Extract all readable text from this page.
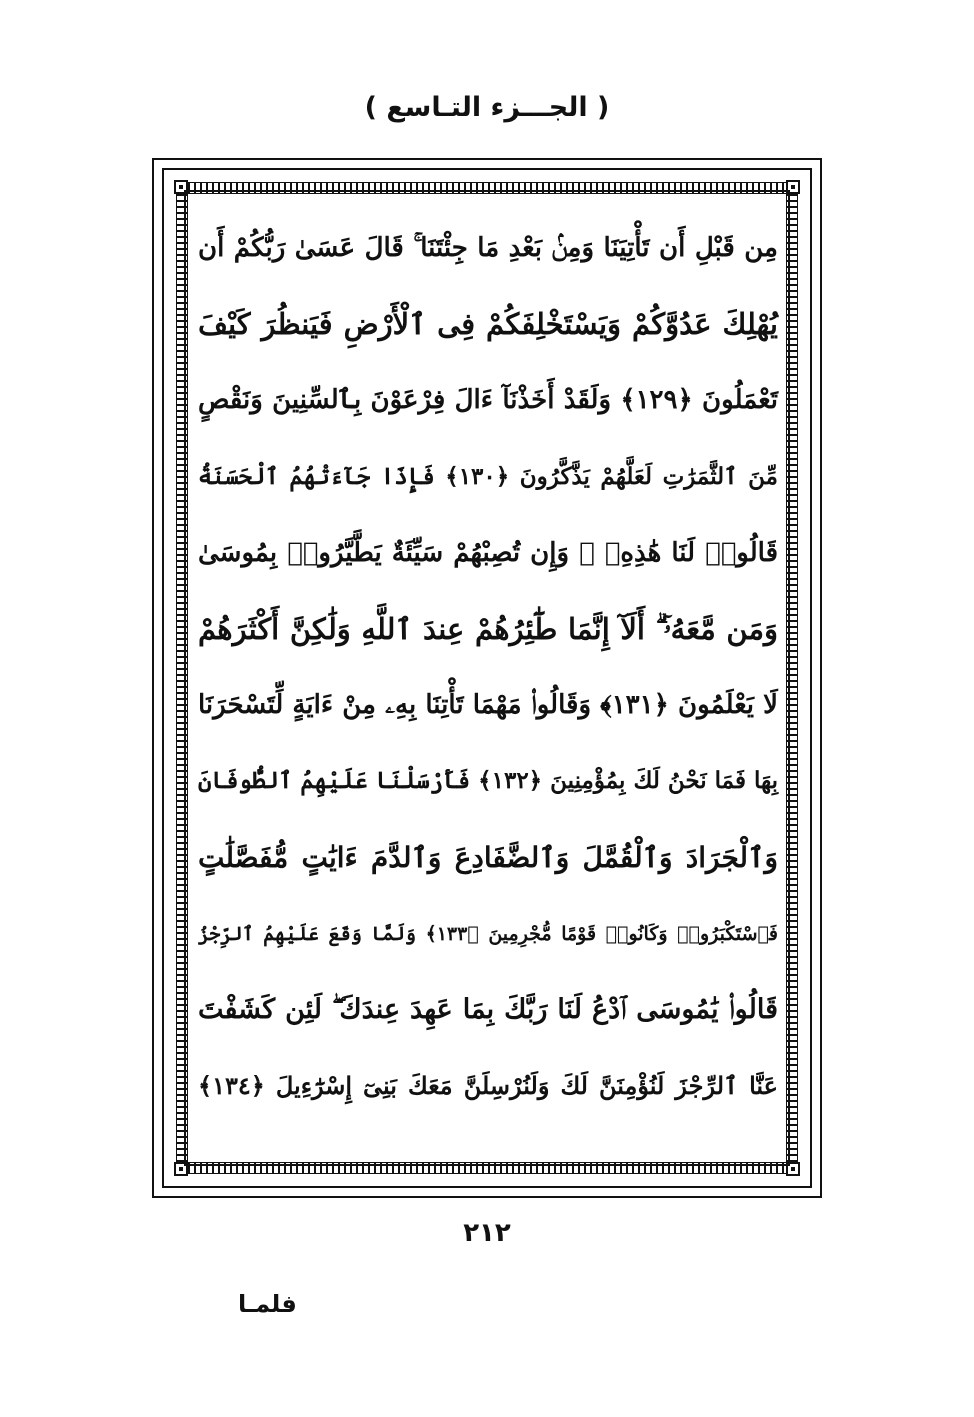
( الجـــزء التـاسع )
مِن قَبْلِ أَن تَأْتِيَنَا وَمِنۢ بَعْدِ مَا جِئْتَنَا ۚ قَالَ عَسَىٰ رَبُّكُمْ أَن
يُهْلِكَ عَدُوَّكُمْ وَيَسْتَخْلِفَكُمْ فِى ٱلْأَرْضِ فَيَنظُرَ كَيْفَ
تَعْمَلُونَ ﴿١٢٩﴾ وَلَقَدْ أَخَذْنَآ ءَالَ فِرْعَوْنَ بِٱلسِّنِينَ وَنَقْصٍ
مِّنَ ٱلثَّمَرَٰتِ لَعَلَّهُمْ يَذَّكَّرُونَ ﴿١٣٠﴾ فَإِذَا جَآءَتْهُمُ ٱلْحَسَنَةُ
قَالُوا۟ لَنَا هَٰذِهِۦ ۖ وَإِن تُصِبْهُمْ سَيِّئَةٌ يَطَّيَّرُوا۟ بِمُوسَىٰ
وَمَن مَّعَهُۥٓ ۗ أَلَآ إِنَّمَا طَٰٓئِرُهُمْ عِندَ ٱللَّهِ وَلَٰكِنَّ أَكْثَرَهُمْ
لَا يَعْلَمُونَ ﴿١٣١﴾ وَقَالُوا۟ مَهْمَا تَأْتِنَا بِهِۦ مِنْ ءَايَةٍ لِّتَسْحَرَنَا
بِهَا فَمَا نَحْنُ لَكَ بِمُؤْمِنِينَ ﴿١٣٢﴾ فَأَرْسَلْنَا عَلَيْهِمُ ٱلطُّوفَانَ
وَٱلْجَرَادَ وَٱلْقُمَّلَ وَٱلضَّفَادِعَ وَٱلدَّمَ ءَايَٰتٍ مُّفَصَّلَٰتٍ
فَٱسْتَكْبَرُوا۟ وَكَانُوا۟ قَوْمًا مُّجْرِمِينَ ﴿١٣٣﴾ وَلَمَّا وَقَعَ عَلَيْهِمُ ٱلرِّجْزُ
قَالُوا۟ يَٰمُوسَى ٱدْعُ لَنَا رَبَّكَ بِمَا عَهِدَ عِندَكَ ۖ لَئِن كَشَفْتَ
عَنَّا ٱلرِّجْزَ لَنُؤْمِنَنَّ لَكَ وَلَنُرْسِلَنَّ مَعَكَ بَنِىٓ إِسْرَٰٓءِيلَ ﴿١٣٤﴾
٢١٢
فلمـا
